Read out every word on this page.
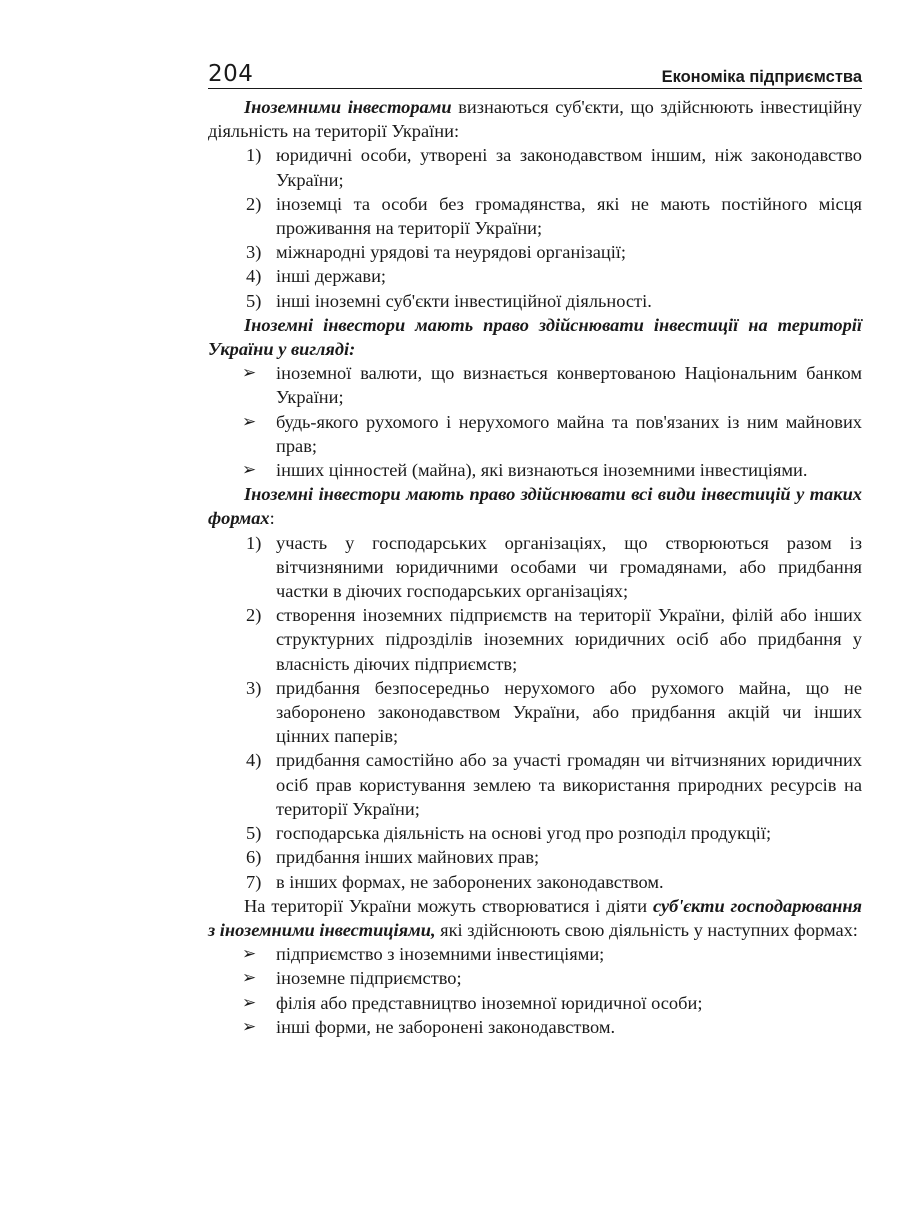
204	Економіка підприємства
Іноземними інвесторами визнаються суб'єкти, що здійснюють інвестиційну діяльність на території України:
1) юридичні особи, утворені за законодавством іншим, ніж законодавство України;
2) іноземці та особи без громадянства, які не мають постійного місця проживання на території України;
3) міжнародні урядові та неурядові організації;
4) інші держави;
5) інші іноземні суб'єкти інвестиційної діяльності.
Іноземні інвестори мають право здійснювати інвестиції на території України у вигляді:
➢	іноземної валюти, що визнається конвертованою Національним банком України;
➢	будь-якого рухомого і нерухомого майна та пов'язаних із ним майнових прав;
➢	інших цінностей (майна), які визнаються іноземними інвестиціями.
Іноземні інвестори мають право здійснювати всі види інвестицій у таких формах:
1) участь у господарських організаціях, що створюються разом із вітчизняними юридичними особами чи громадянами, або придбання частки в діючих господарських організаціях;
2) створення іноземних підприємств на території України, філій або інших структурних підрозділів іноземних юридичних осіб або придбання у власність діючих підприємств;
3) придбання безпосередньо нерухомого або рухомого майна, що не заборонено законодавством України, або придбання акцій чи інших цінних паперів;
4) придбання самостійно або за участі громадян чи вітчизняних юридичних осіб прав користування землею та використання природних ресурсів на території України;
5) господарська діяльність на основі угод про розподіл продукції;
6) придбання інших майнових прав;
7) в інших формах, не заборонених законодавством.
На території України можуть створюватися і діяти суб'єкти господарювання з іноземними інвестиціями, які здійснюють свою діяльність у наступних формах:
➢	підприємство з іноземними інвестиціями;
➢	іноземне підприємство;
➢	філія або представництво іноземної юридичної особи;
➢	інші форми, не заборонені законодавством.
